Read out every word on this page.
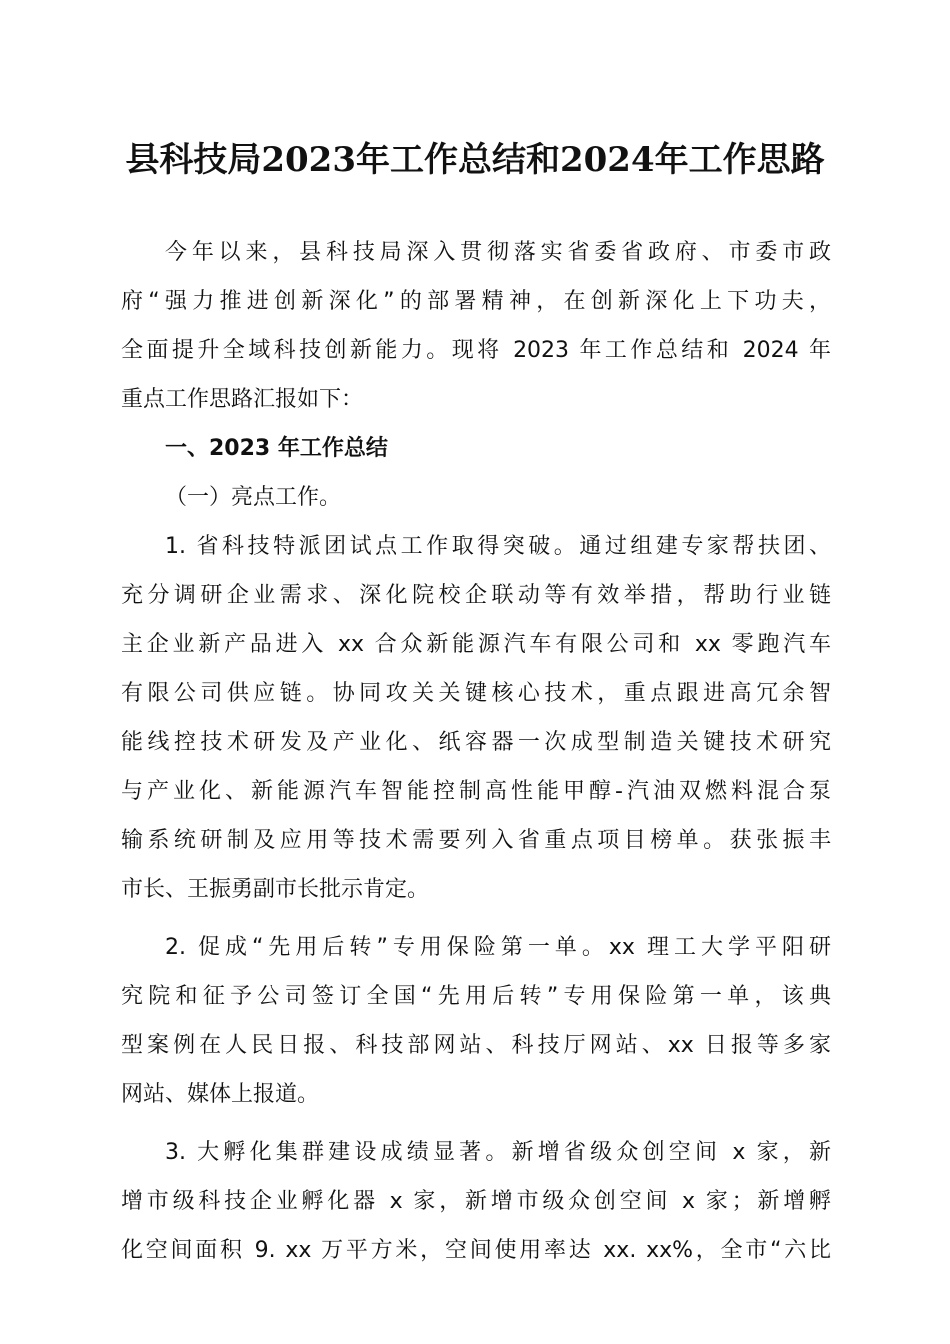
县科技局2023年工作总结和2024年工作思路
今年以来，县科技局深入贯彻落实省委省政府、市委市政
府“强力推进创新深化”的部署精神，在创新深化上下功夫，
全面提升全域科技创新能力。现将 2023 年工作总结和 2024 年
重点工作思路汇报如下：
一、2023 年工作总结
（一）亮点工作。
1. 省科技特派团试点工作取得突破。通过组建专家帮扶团、
充分调研企业需求、深化院校企联动等有效举措，帮助行业链
主企业新产品进入 xx 合众新能源汽车有限公司和 xx 零跑汽车
有限公司供应链。协同攻关关键核心技术，重点跟进高冗余智
能线控技术研发及产业化、纸容器一次成型制造关键技术研究
与产业化、新能源汽车智能控制高性能甲醇-汽油双燃料混合泵
输系统研制及应用等技术需要列入省重点项目榜单。获张振丰
市长、王振勇副市长批示肯定。
2. 促成“先用后转”专用保险第一单。xx 理工大学平阳研
究院和征予公司签订全国“先用后转”专用保险第一单，该典
型案例在人民日报、科技部网站、科技厅网站、xx 日报等多家
网站、媒体上报道。
3. 大孵化集群建设成绩显著。新增省级众创空间 x 家，新
增市级科技企业孵化器 x 家，新增市级众创空间 x 家；新增孵
化空间面积 9. xx 万平方米，空间使用率达 xx. xx%，全市“六比
